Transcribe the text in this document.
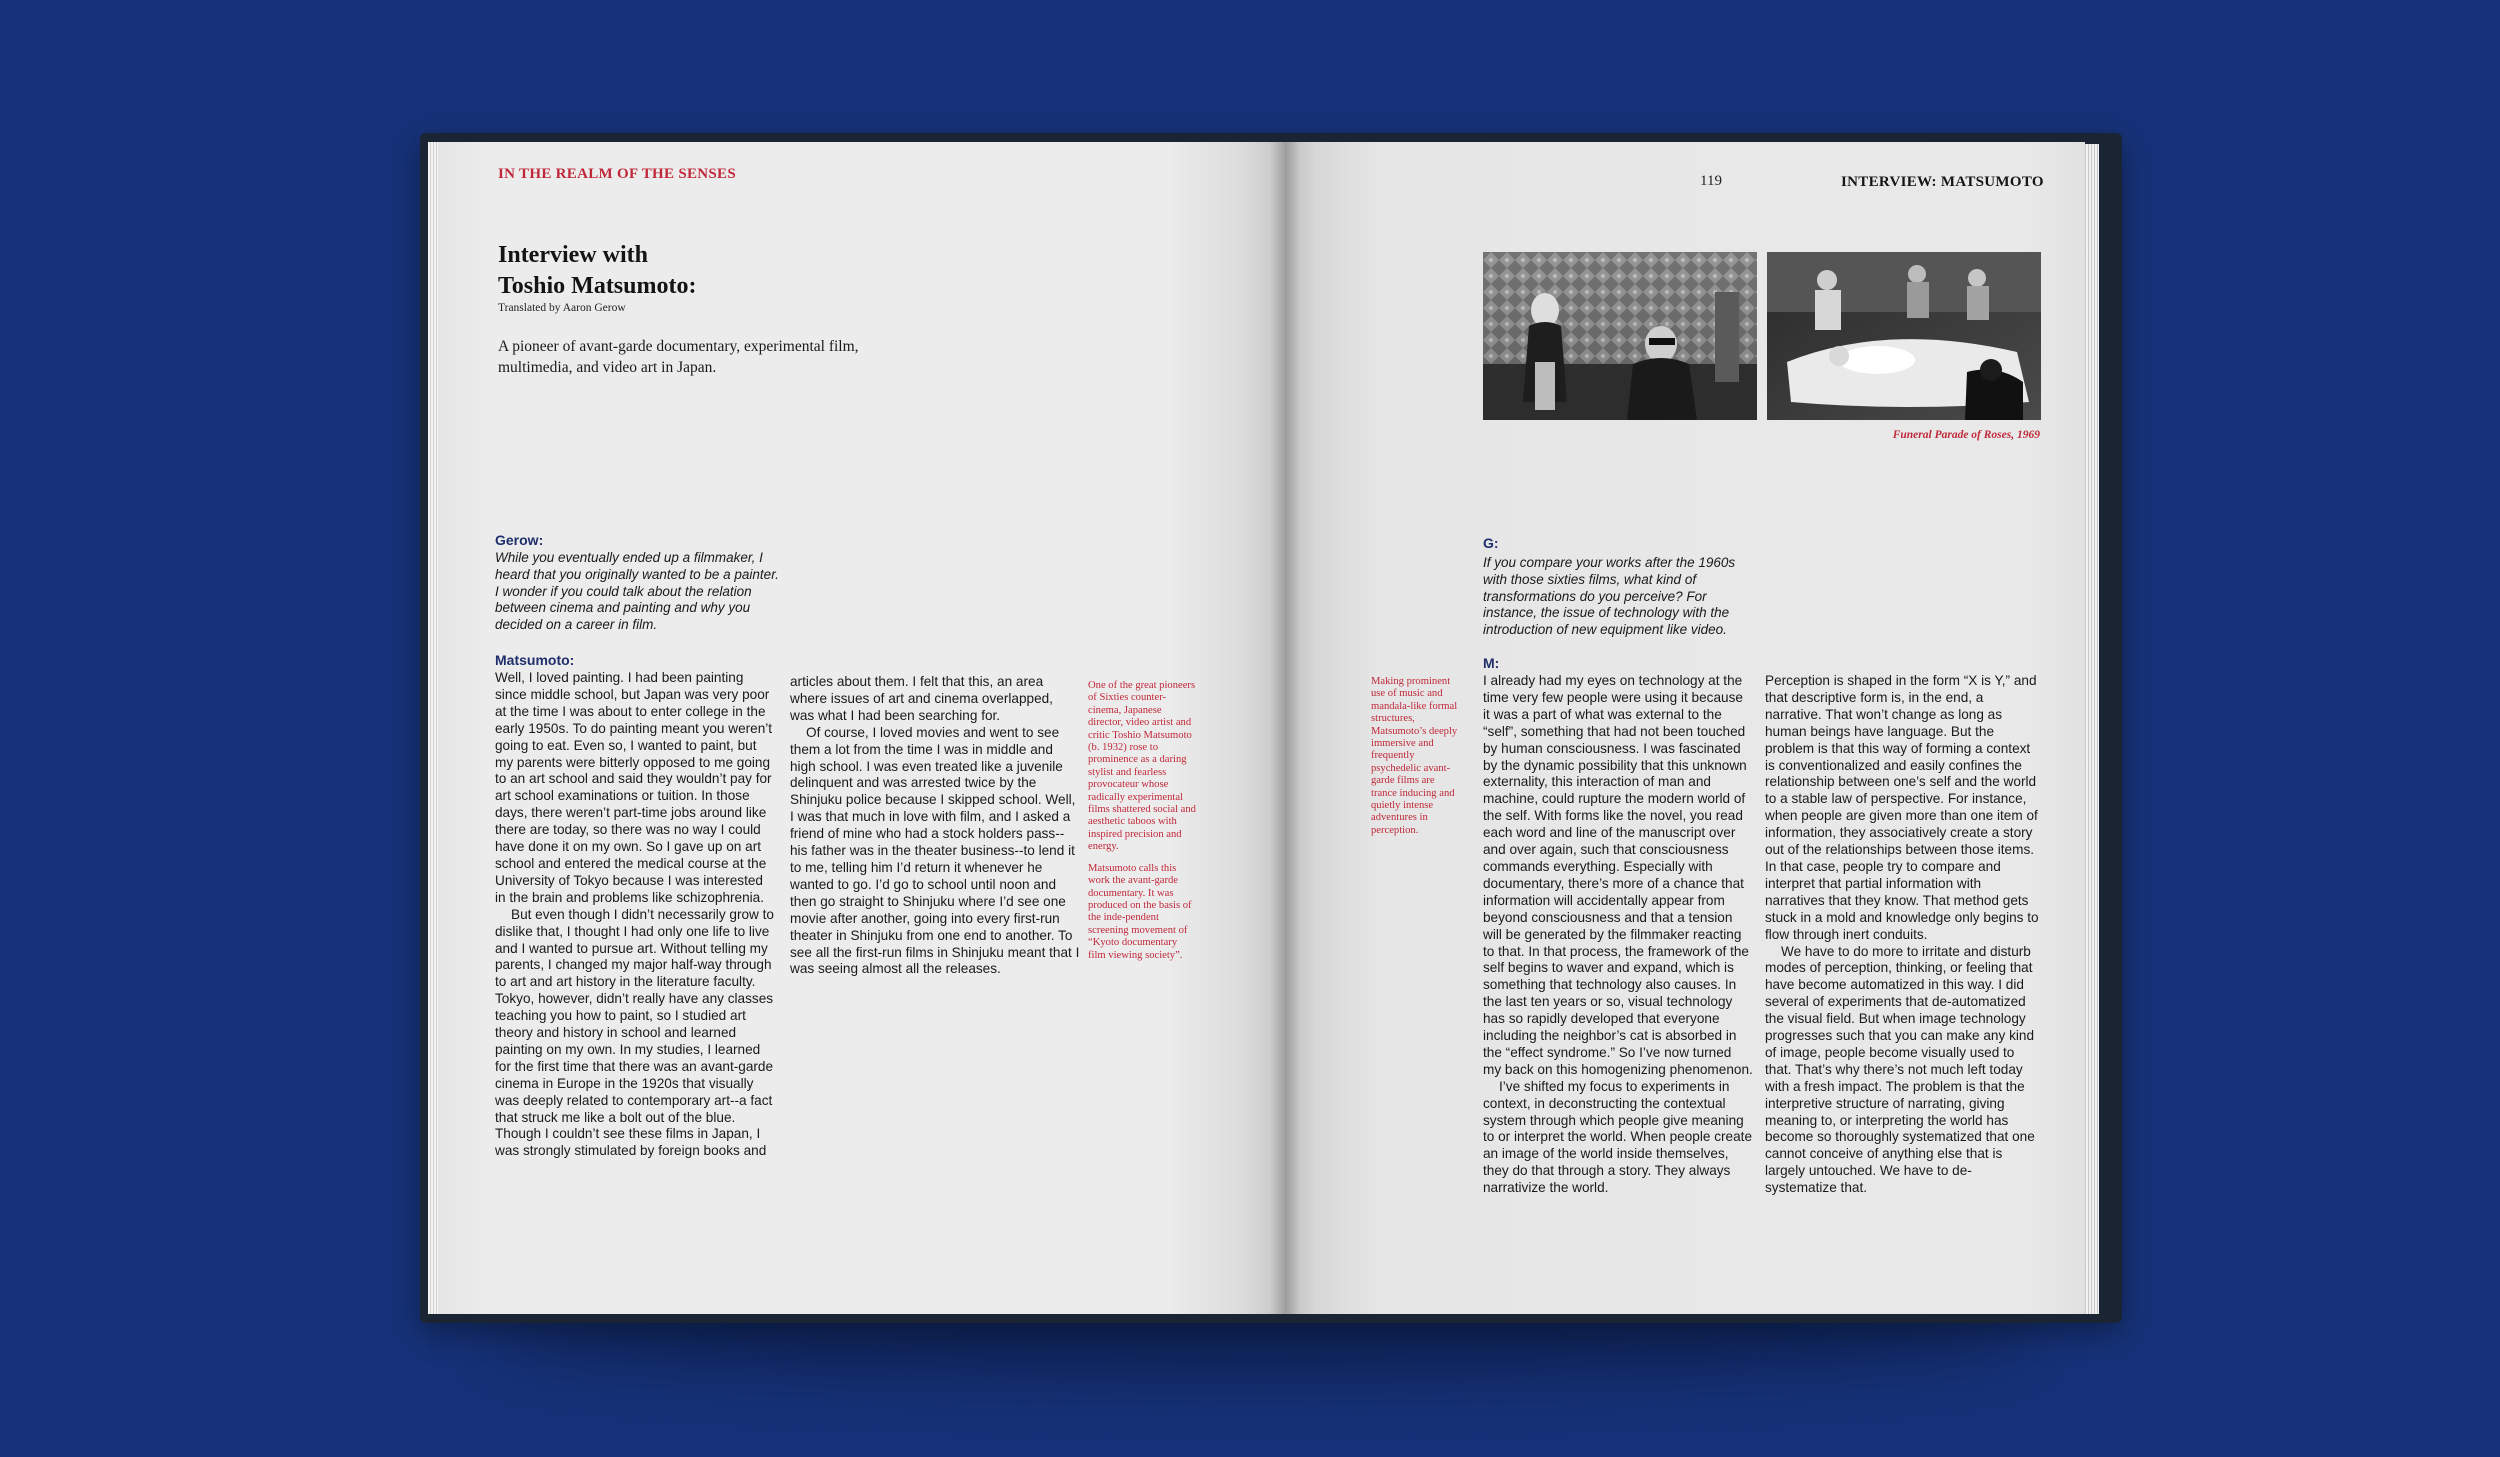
IN THE REALM OF THE SENSES
Interview with
Toshio Matsumoto:
Translated by Aaron Gerow
A pioneer of avant-garde documentary, experimental film, multimedia, and video art in Japan.
Gerow:
While you eventually ended up a filmmaker, I heard that you originally wanted to be a painter. I wonder if you could talk about the relation between cinema and painting and why you decided on a career in film.
Matsumoto:

Well, I loved painting. I had been painting since middle school, but Japan was very poor at the time I was about to enter college in the early 1950s. To do painting meant you weren’t going to eat. Even so, I wanted to paint, but my parents were bitterly opposed to me going to an art school and said they wouldn’t pay for art school examinations or tuition. In those days, there weren’t part-time jobs around like there are today, so there was no way I could have done it on my own. So I gave up on art school and entered the medical course at the University of Tokyo because I was interested in the brain and problems like schizophrenia.

But even though I didn’t necessarily grow to dislike that, I thought I had only one life to live and I wanted to pursue art. Without telling my parents, I changed my major half-way through to art and art history in the literature faculty. Tokyo, however, didn’t really have any classes teaching you how to paint, so I studied art theory and history in school and learned painting on my own. In my studies, I learned for the first time that there was an avant-garde cinema in Europe in the 1920s that visually was deeply related to contemporary art--a fact that struck me like a bolt out of the blue. Though I couldn’t see these films in Japan, I was strongly stimulated by foreign books and

articles about them. I felt that this, an area where issues of art and cinema overlapped, was what I had been searching for.

Of course, I loved movies and went to see them a lot from the time I was in middle and high school. I was even treated like a juvenile delinquent and was arrested twice by the Shinjuku police because I skipped school. Well, I was that much in love with film, and I asked a friend of mine who had a stock holders pass--his father was in the theater business--to lend it to me, telling him I’d return it whenever he wanted to go. I’d go to school until noon and then go straight to Shinjuku where I’d see one movie after another, going into every first-run theater in Shinjuku from one end to another. To see all the first-run films in Shinjuku meant that I was seeing almost all the releases.

One of the great pioneers of Sixties counter-cinema, Japanese director, video artist and critic Toshio Matsumoto (b. 1932) rose to prominence as a daring stylist and fearless provocateur whose radically experimental films shattered social and aesthetic taboos with inspired precision and energy.

Matsumoto calls this work the avant-garde documentary. It was produced on the basis of the inde-pendent screening movement of “Kyoto documentary film viewing society”.

119	INTERVIEW: MATSUMOTO
Funeral Parade of Roses, 1969
G:
If you compare your works after the 1960s with those sixties films, what kind of transformations do you perceive? For instance, the issue of technology with the introduction of new equipment like video.
M:

Making prominent use of music and mandala-like formal structures, Matsumoto’s deeply immersive and frequently psychedelic avant-garde films are trance inducing and quietly intense adventures in perception.

I already had my eyes on technology at the time very few people were using it because it was a part of what was external to the “self”, something that had not been touched by human consciousness. I was fascinated by the dynamic possibility that this unknown externality, this interaction of man and machine, could rupture the modern world of the self. With forms like the novel, you read each word and line of the manuscript over and over again, such that consciousness commands everything. Especially with documentary, there’s more of a chance that information will accidentally appear from beyond consciousness and that a tension will be generated by the filmmaker reacting to that. In that process, the framework of the self begins to waver and expand, which is something that technology also causes. In the last ten years or so, visual technology has so rapidly developed that everyone including the neighbor’s cat is absorbed in the “effect syndrome.” So I’ve now turned my back on this homogenizing phenomenon.

I’ve shifted my focus to experiments in context, in deconstructing the contextual system through which people give meaning to or interpret the world. When people create an image of the world inside themselves, they do that through a story. They always narrativize the world.

Perception is shaped in the form “X is Y,” and that descriptive form is, in the end, a narrative. That won’t change as long as human beings have language. But the problem is that this way of forming a context is conventionalized and easily confines the relationship between one’s self and the world to a stable law of perspective. For instance, when people are given more than one item of information, they associatively create a story out of the relationships between those items. In that case, people try to compare and interpret that partial information with narratives that they know. That method gets stuck in a mold and knowledge only begins to flow through inert conduits.

We have to do more to irritate and disturb modes of perception, thinking, or feeling that have become automatized in this way. I did several of experiments that de-automatized the visual field. But when image technology progresses such that you can make any kind of image, people become visually used to that. That’s why there’s not much left today with a fresh impact. The problem is that the interpretive structure of narrating, giving meaning to, or interpreting the world has become so thoroughly systematized that one cannot conceive of anything else that is largely untouched. We have to de-systematize that.
